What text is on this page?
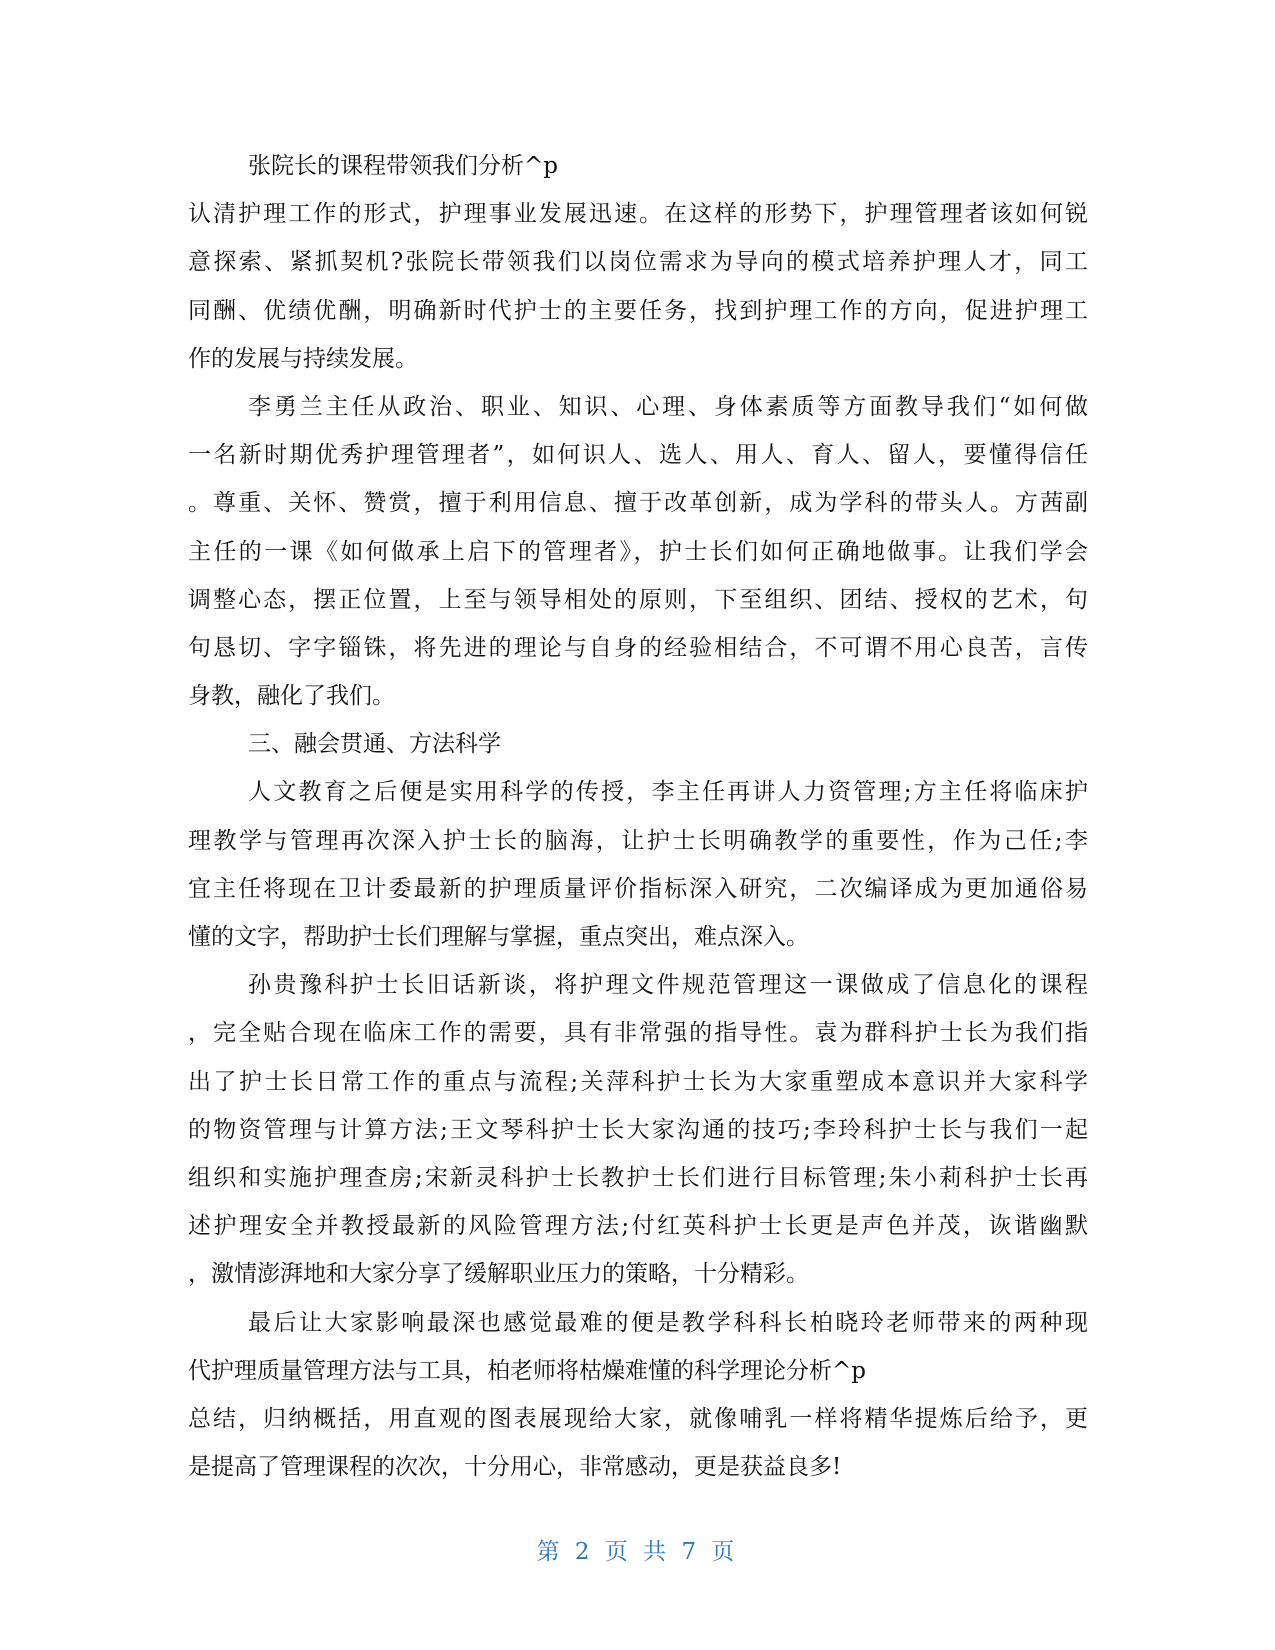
张院长的课程带领我们分析^p
认清护理工作的形式，护理事业发展迅速。在这样的形势下，护理管理者该如何锐
意探索、紧抓契机?张院长带领我们以岗位需求为导向的模式培养护理人才，同工
同酬、优绩优酬，明确新时代护士的主要任务，找到护理工作的方向，促进护理工
作的发展与持续发展。
李勇兰主任从政治、职业、知识、心理、身体素质等方面教导我们“如何做
一名新时期优秀护理管理者”，如何识人、选人、用人、育人、留人，要懂得信任
。尊重、关怀、赞赏，擅于利用信息、擅于改革创新，成为学科的带头人。方茜副
主任的一课《如何做承上启下的管理者》，护士长们如何正确地做事。让我们学会
调整心态，摆正位置，上至与领导相处的原则，下至组织、团结、授权的艺术，句
句恳切、字字锱铢，将先进的理论与自身的经验相结合，不可谓不用心良苦，言传
身教，融化了我们。
三、融会贯通、方法科学
人文教育之后便是实用科学的传授，李主任再讲人力资管理;方主任将临床护
理教学与管理再次深入护士长的脑海，让护士长明确教学的重要性，作为己任;李
宜主任将现在卫计委最新的护理质量评价指标深入研究，二次编译成为更加通俗易
懂的文字，帮助护士长们理解与掌握，重点突出，难点深入。
孙贵豫科护士长旧话新谈，将护理文件规范管理这一课做成了信息化的课程
，完全贴合现在临床工作的需要，具有非常强的指导性。袁为群科护士长为我们指
出了护士长日常工作的重点与流程;关萍科护士长为大家重塑成本意识并大家科学
的物资管理与计算方法;王文琴科护士长大家沟通的技巧;李玲科护士长与我们一起
组织和实施护理查房;宋新灵科护士长教护士长们进行目标管理;朱小莉科护士长再
述护理安全并教授最新的风险管理方法;付红英科护士长更是声色并茂，诙谐幽默
，激情澎湃地和大家分享了缓解职业压力的策略，十分精彩。
最后让大家影响最深也感觉最难的便是教学科科长柏晓玲老师带来的两种现
代护理质量管理方法与工具，柏老师将枯燥难懂的科学理论分析^p
总结，归纳概括，用直观的图表展现给大家，就像哺乳一样将精华提炼后给予，更
是提高了管理课程的次次，十分用心，非常感动，更是获益良多!
第 2 页 共 7 页
